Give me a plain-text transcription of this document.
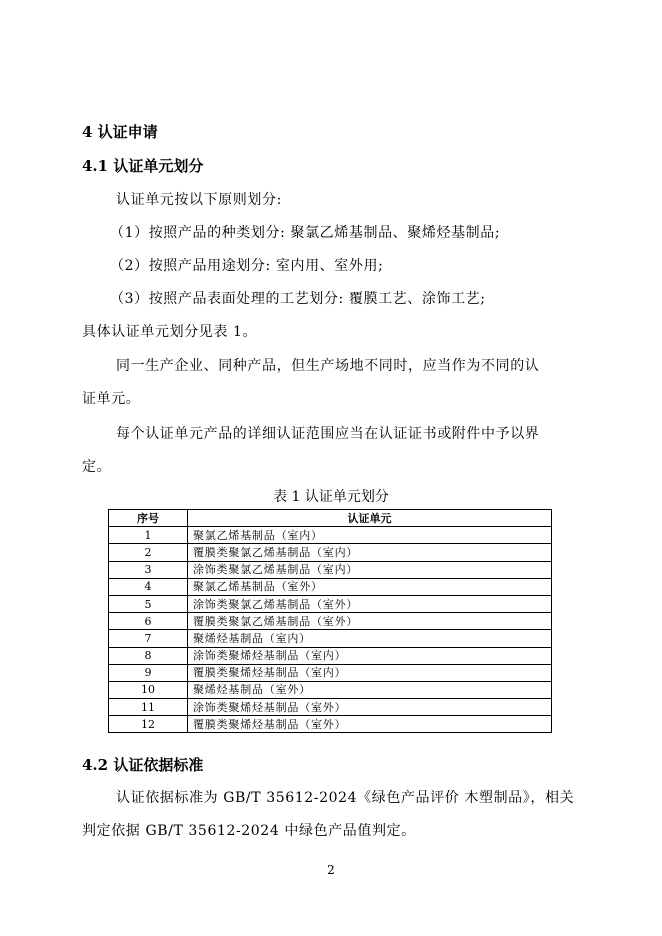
4 认证申请
4.1 认证单元划分
认证单元按以下原则划分:
（1）按照产品的种类划分: 聚氯乙烯基制品、聚烯烃基制品;
（2）按照产品用途划分: 室内用、室外用;
（3）按照产品表面处理的工艺划分: 覆膜工艺、涂饰工艺;
具体认证单元划分见表 1。
同一生产企业、同种产品，但生产场地不同时，应当作为不同的认
证单元。
每个认证单元产品的详细认证范围应当在认证证书或附件中予以界
定。
表 1 认证单元划分
序号	认证单元
1	聚氯乙烯基制品（室内）
2	覆膜类聚氯乙烯基制品（室内）
3	涂饰类聚氯乙烯基制品（室内）
4	聚氯乙烯基制品（室外）
5	涂饰类聚氯乙烯基制品（室外）
6	覆膜类聚氯乙烯基制品（室外）
7	聚烯烃基制品（室内）
8	涂饰类聚烯烃基制品（室内）
9	覆膜类聚烯烃基制品（室内）
10	聚烯烃基制品（室外）
11	涂饰类聚烯烃基制品（室外）
12	覆膜类聚烯烃基制品（室外）
4.2 认证依据标准
认证依据标准为 GB/T 35612-2024《绿色产品评价 木塑制品》，相关
判定依据 GB/T 35612-2024 中绿色产品值判定。
2
